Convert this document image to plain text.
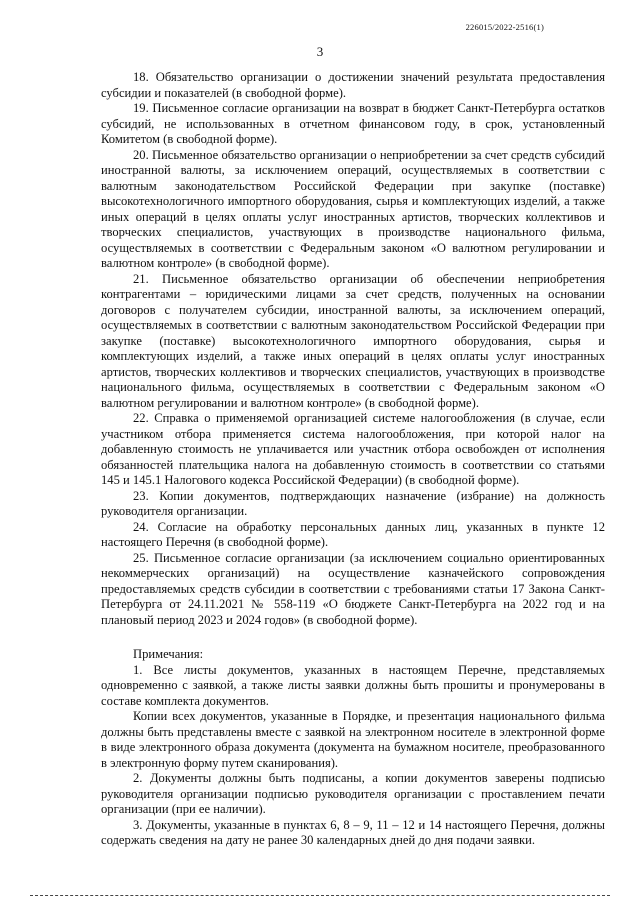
226015/2022-2516(1)
3

18. Обязательство организации о достижении значений результата предоставления субсидии и показателей (в свободной форме).

19. Письменное согласие организации на возврат в бюджет Санкт-Петербурга остатков субсидий, не использованных в отчетном финансовом году, в срок, установленный Комитетом (в свободной форме).

20. Письменное обязательство организации о неприобретении за счет средств субсидий иностранной валюты, за исключением операций, осуществляемых в соответствии с валютным законодательством Российской Федерации при закупке (поставке) высокотехнологичного импортного оборудования, сырья и комплектующих изделий, а также иных операций в целях оплаты услуг иностранных артистов, творческих коллективов и творческих специалистов, участвующих в производстве национального фильма, осуществляемых в соответствии с Федеральным законом «О валютном регулировании и валютном контроле» (в свободной форме).

21. Письменное обязательство организации об обеспечении неприобретения контрагентами – юридическими лицами за счет средств, полученных на основании договоров с получателем субсидии, иностранной валюты, за исключением операций, осуществляемых в соответствии с валютным законодательством Российской Федерации при закупке (поставке) высокотехнологичного импортного оборудования, сырья и комплектующих изделий, а также иных операций в целях оплаты услуг иностранных артистов, творческих коллективов и творческих специалистов, участвующих в производстве национального фильма, осуществляемых в соответствии с Федеральным законом «О валютном регулировании и валютном контроле» (в свободной форме).

22. Справка о применяемой организацией системе налогообложения (в случае, если участником отбора применяется система налогообложения, при которой налог на добавленную стоимость не уплачивается или участник отбора освобожден от исполнения обязанностей плательщика налога на добавленную стоимость в соответствии со статьями 145 и 145.1 Налогового кодекса Российской Федерации) (в свободной форме).

23. Копии документов, подтверждающих назначение (избрание) на должность руководителя организации.

24. Согласие на обработку персональных данных лиц, указанных в пункте 12 настоящего Перечня (в свободной форме).

25. Письменное согласие организации (за исключением социально ориентированных некоммерческих организаций) на осуществление казначейского сопровождения предоставляемых средств субсидии в соответствии с требованиями статьи 17 Закона Санкт-Петербурга от 24.11.2021 № 558-119 «О бюджете Санкт-Петербурга на 2022 год и на плановый период 2023 и 2024 годов» (в свободной форме).

Примечания:

1. Все листы документов, указанных в настоящем Перечне, представляемых одновременно с заявкой, а также листы заявки должны быть прошиты и пронумерованы в составе комплекта документов.

Копии всех документов, указанные в Порядке, и презентация национального фильма должны быть представлены вместе с заявкой на электронном носителе в электронной форме в виде электронного образа документа (документа на бумажном носителе, преобразованного в электронную форму путем сканирования).

2. Документы должны быть подписаны, а копии документов заверены подписью руководителя организации подписью руководителя организации с проставлением печати организации (при ее наличии).

3. Документы, указанные в пунктах 6, 8 – 9, 11 – 12 и 14 настоящего Перечня, должны содержать сведения на дату не ранее 30 календарных дней до дня подачи заявки.
